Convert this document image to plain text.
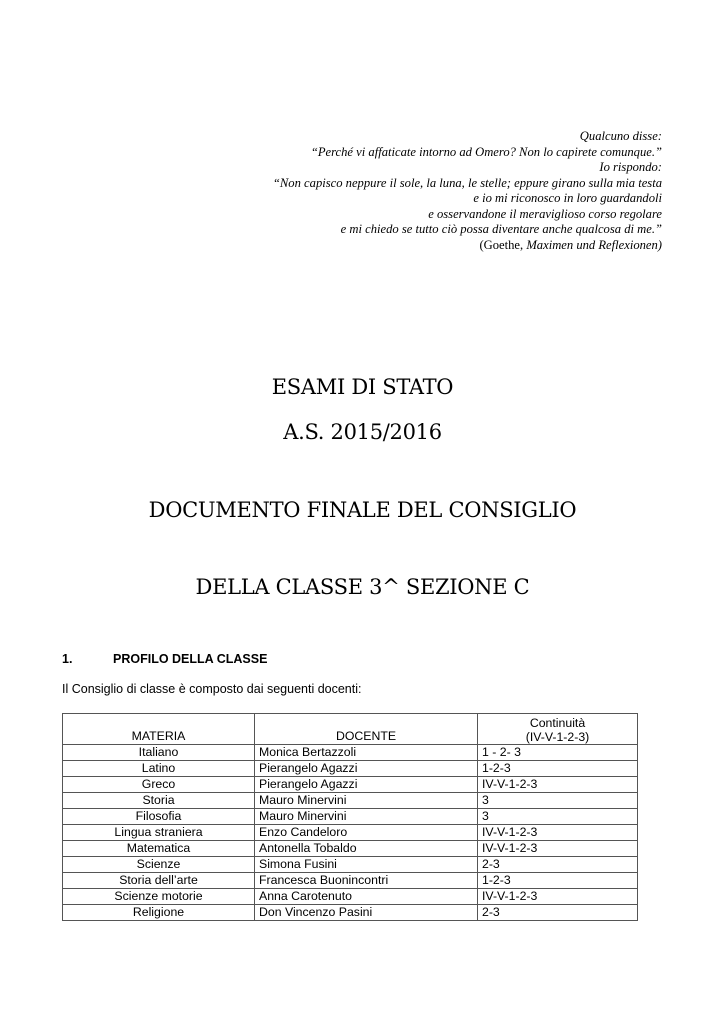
Qualcuno disse:
“Perché vi affaticate intorno ad Omero? Non lo capirete comunque.”
Io rispondo:
“Non capisco neppure il sole, la luna, le stelle; eppure girano sulla mia testa
e io mi riconosco in loro guardandoli
e osservandone il meraviglioso corso regolare
e mi chiedo se tutto ciò possa diventare anche qualcosa di me.”
(Goethe, Maximen und Reflexionen)
ESAMI DI STATO
A.S. 2015/2016
DOCUMENTO FINALE DEL CONSIGLIO
DELLA CLASSE 3^ SEZIONE C
1.	PROFILO DELLA CLASSE
Il Consiglio di classe è composto dai seguenti docenti:
MATERIA	DOCENTE	Continuità
(IV-V-1-2-3)

Italiano	Monica Bertazzoli	1 - 2- 3
Latino	Pierangelo Agazzi	1-2-3
Greco	Pierangelo Agazzi	IV-V-1-2-3
Storia	Mauro Minervini	3
Filosofia	Mauro Minervini	3
Lingua straniera	Enzo Candeloro	IV-V-1-2-3
Matematica	Antonella Tobaldo	IV-V-1-2-3
Scienze	Simona Fusini	2-3
Storia dell’arte	Francesca Buonincontri	1-2-3
Scienze motorie	Anna Carotenuto	IV-V-1-2-3
Religione	Don Vincenzo Pasini	2-3
